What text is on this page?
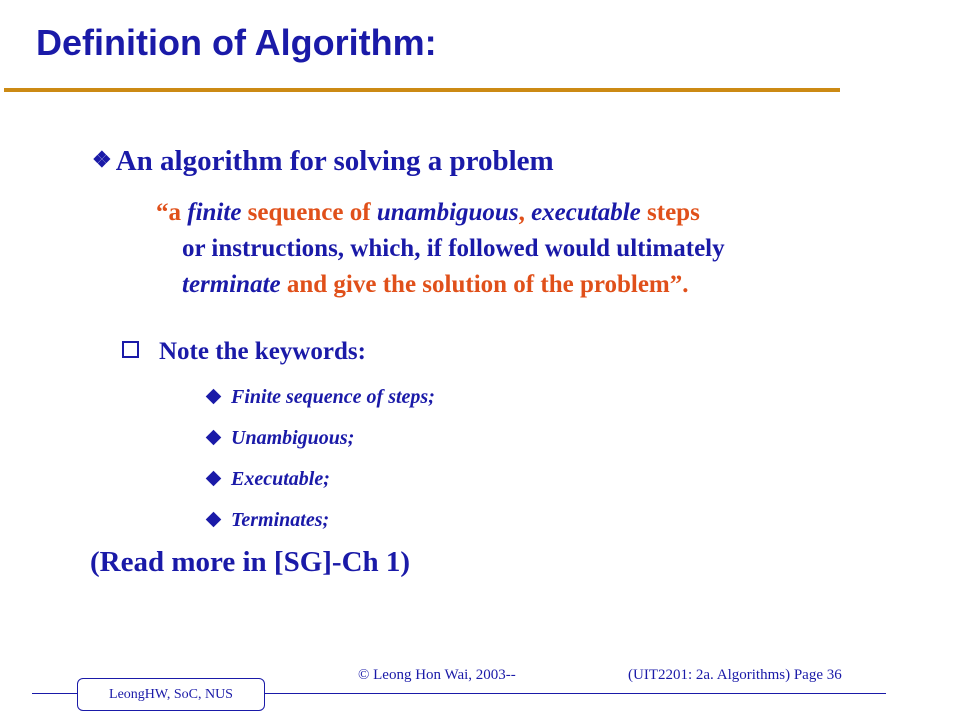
Definition of Algorithm:
❖ An algorithm for solving a problem
“a finite sequence of unambiguous, executable steps
or instructions, which, if followed would ultimately
terminate and give the solution of the problem”.
Note the keywords:
Finite sequence of steps;
Unambiguous;
Executable;
Terminates;
(Read more in [SG]-Ch 1)
© Leong Hon Wai, 2003--	(UIT2201: 2a. Algorithms) Page 36
LeongHW, SoC, NUS
